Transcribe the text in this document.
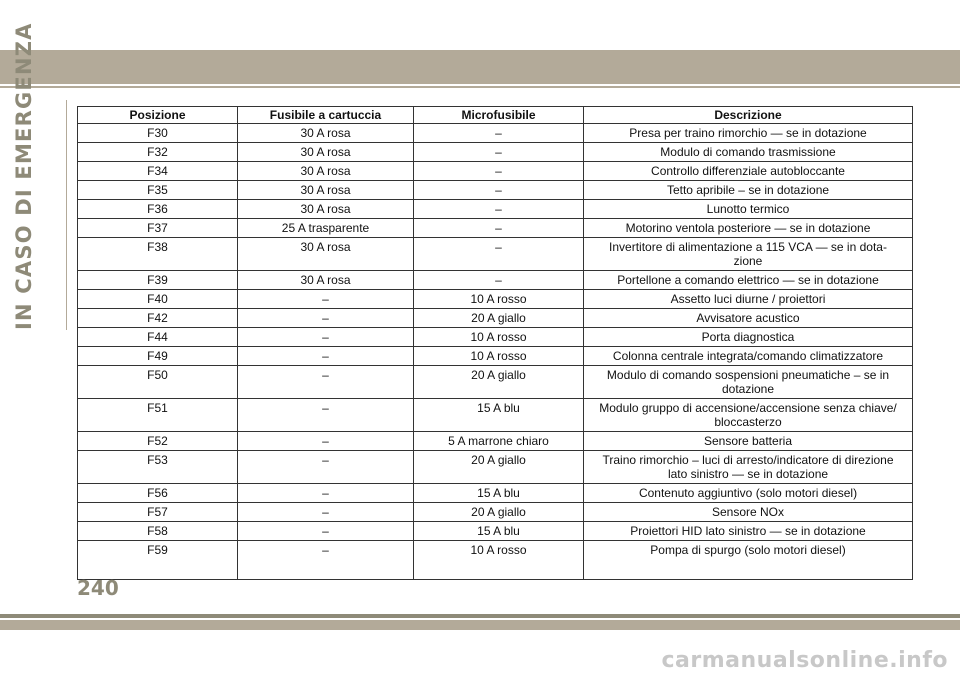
IN CASO DI EMERGENZA	Posizione	Fusibile a cartuccia	Microfusibile	Descrizione
F30	30 A rosa	–	Presa per traino rimorchio — se in dotazione
F32	30 A rosa	–	Modulo di comando trasmissione
F34	30 A rosa	–	Controllo differenziale autobloccante
F35	30 A rosa	–	Tetto apribile – se in dotazione
F36	30 A rosa	–	Lunotto termico
F37	25 A trasparente	–	Motorino ventola posteriore — se in dotazione
F38	30 A rosa	–	Invertitore di alimentazione a 115 VCA — se in dota-
zione
F39	30 A rosa	–	Portellone a comando elettrico — se in dotazione
F40	–	10 A rosso	Assetto luci diurne / proiettori
F42	–	20 A giallo	Avvisatore acustico
F44	–	10 A rosso	Porta diagnostica
F49	–	10 A rosso	Colonna centrale integrata/comando climatizzatore
F50	–	20 A giallo	Modulo di comando sospensioni pneumatiche – se in
dotazione
F51	–	15 A blu	Modulo gruppo di accensione/accensione senza chiave/
bloccasterzo
F52	–	5 A marrone chiaro	Sensore batteria
F53	–	20 A giallo	Traino rimorchio – luci di arresto/indicatore di direzione
lato sinistro — se in dotazione
F56	–	15 A blu	Contenuto aggiuntivo (solo motori diesel)
F57	–	20 A giallo	Sensore NOx
F58	–	15 A blu	Proiettori HID lato sinistro — se in dotazione
F59	–	10 A rosso	Pompa di spurgo (solo motori diesel)
240
carmanualsonline.info
